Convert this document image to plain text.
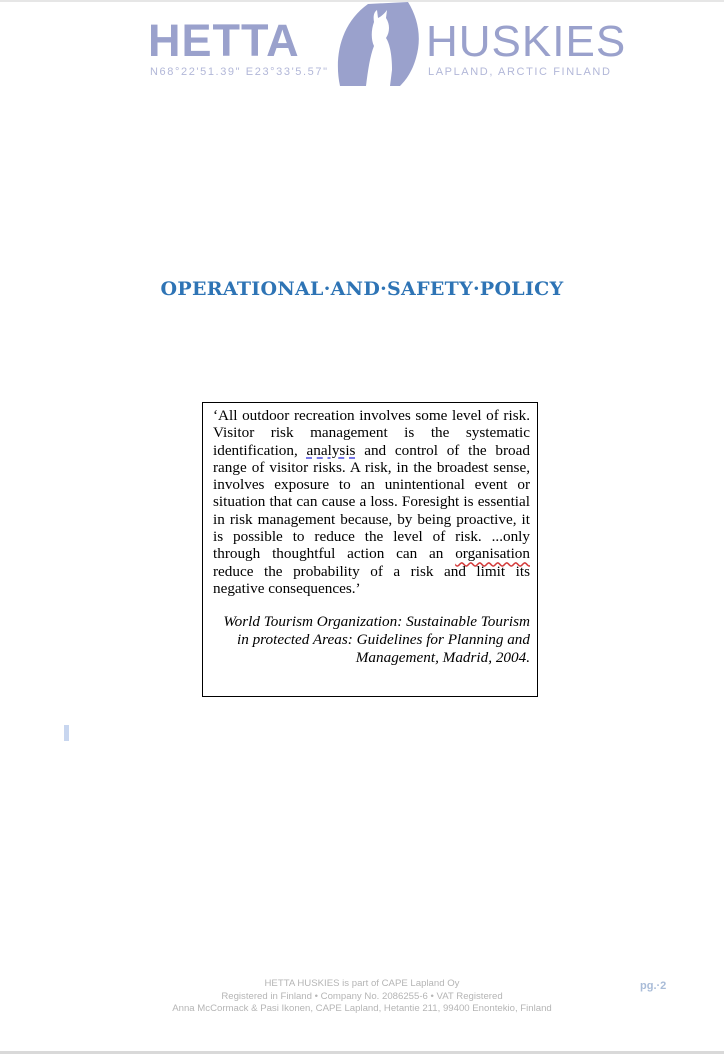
HETTA
N68°22'51.39" E23°33'5.57"
HUSKIES
LAPLAND, ARCTIC FINLAND
OPERATIONAL·AND·SAFETY·POLICY
‘All outdoor recreation involves some level of risk. Visitor risk management is the systematic identification, analysis and control of the broad range of visitor risks. A risk, in the broadest sense, involves exposure to an unintentional event or situation that can cause a loss. Foresight is essential in risk management because, by being proactive, it is possible to reduce the level of risk. ...only through thoughtful action can an organisation reduce the probability of a risk and limit its negative consequences.’
World Tourism Organization: Sustainable Tourism in protected Areas: Guidelines for Planning and Management, Madrid, 2004.
HETTA HUSKIES is part of CAPE Lapland Oy
Registered in Finland • Company No. 2086255-6 • VAT Registered
Anna McCormack & Pasi Ikonen, CAPE Lapland, Hetantie 211, 99400 Enontekio, Finland
pg.·2
